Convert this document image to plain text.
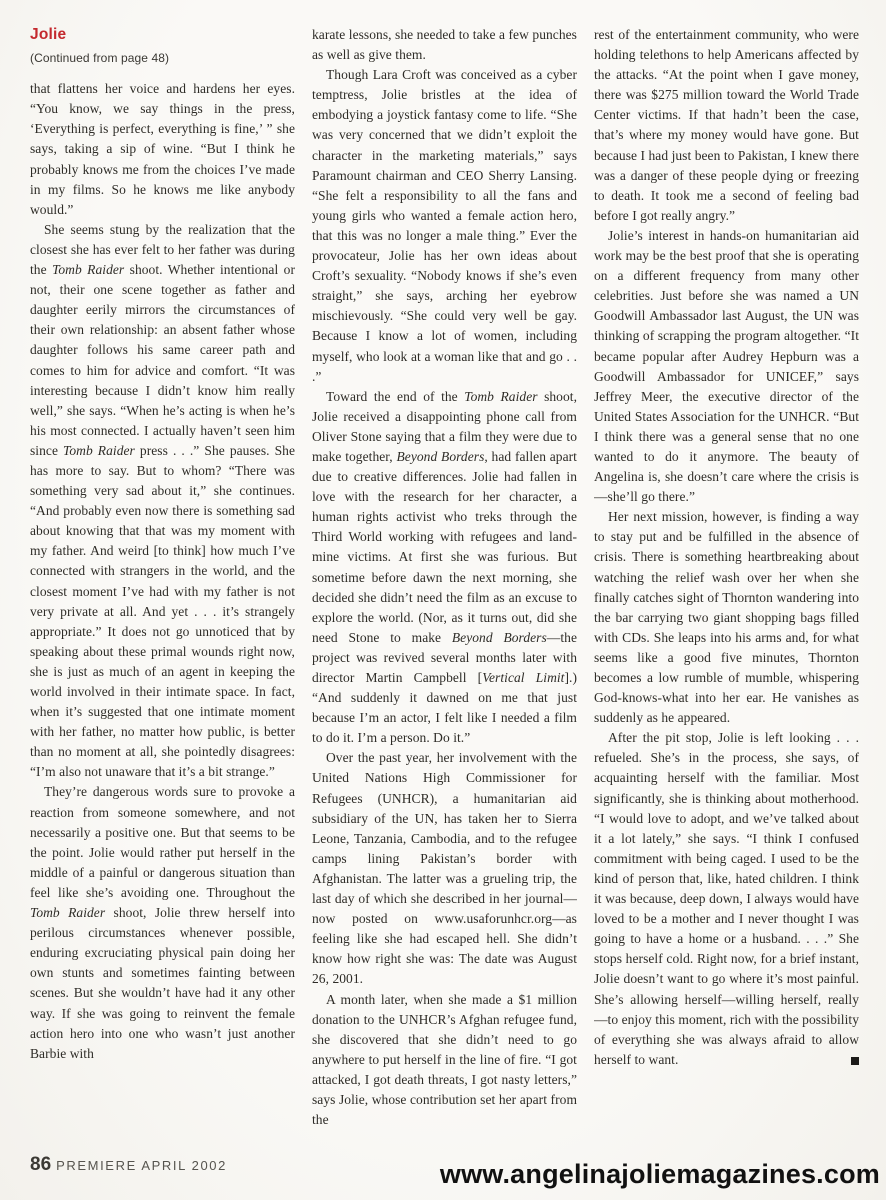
Jolie
(Continued from page 48)

that flattens her voice and hardens her eyes. “You know, we say things in the press, ‘Everything is perfect, everything is fine,’ ” she says, taking a sip of wine. “But I think he probably knows me from the choices I’ve made in my films. So he knows me like anybody would.”

She seems stung by the realization that the closest she has ever felt to her father was during the Tomb Raider shoot. Whether intentional or not, their one scene together as father and daughter eerily mirrors the circumstances of their own relationship: an absent father whose daughter follows his same career path and comes to him for advice and comfort. “It was interesting because I didn’t know him really well,” she says. “When he’s acting is when he’s his most connected. I actually haven’t seen him since Tomb Raider press . . .” She pauses. She has more to say. But to whom? “There was something very sad about it,” she continues. “And probably even now there is something sad about knowing that that was my moment with my father. And weird [to think] how much I’ve connected with strangers in the world, and the closest moment I’ve had with my father is not very private at all. And yet . . . it’s strangely appropriate.” It does not go unnoticed that by speaking about these primal wounds right now, she is just as much of an agent in keeping the world involved in their intimate space. In fact, when it’s suggested that one intimate moment with her father, no matter how public, is better than no moment at all, she pointedly disagrees: “I’m also not unaware that it’s a bit strange.”

They’re dangerous words sure to provoke a reaction from someone somewhere, and not necessarily a positive one. But that seems to be the point. Jolie would rather put herself in the middle of a painful or dangerous situation than feel like she’s avoiding one. Throughout the Tomb Raider shoot, Jolie threw herself into perilous circumstances whenever possible, enduring excruciating physical pain doing her own stunts and sometimes fainting between scenes. But she wouldn’t have had it any other way. If she was going to reinvent the female action hero into one who wasn’t just another Barbie with

karate lessons, she needed to take a few punches as well as give them.

Though Lara Croft was conceived as a cyber temptress, Jolie bristles at the idea of embodying a joystick fantasy come to life. “She was very concerned that we didn’t exploit the character in the marketing materials,” says Paramount chairman and CEO Sherry Lansing. “She felt a responsibility to all the fans and young girls who wanted a female action hero, that this was no longer a male thing.” Ever the provocateur, Jolie has her own ideas about Croft’s sexuality. “Nobody knows if she’s even straight,” she says, arching her eyebrow mischievously. “She could very well be gay. Because I know a lot of women, including myself, who look at a woman like that and go . . .”

Toward the end of the Tomb Raider shoot, Jolie received a disappointing phone call from Oliver Stone saying that a film they were due to make together, Beyond Borders, had fallen apart due to creative differences. Jolie had fallen in love with the research for her character, a human rights activist who treks through the Third World working with refugees and land-mine victims. At first she was furious. But sometime before dawn the next morning, she decided she didn’t need the film as an excuse to explore the world. (Nor, as it turns out, did she need Stone to make Beyond Borders—the project was revived several months later with director Martin Campbell [Vertical Limit].) “And suddenly it dawned on me that just because I’m an actor, I felt like I needed a film to do it. I’m a person. Do it.”

Over the past year, her involvement with the United Nations High Commissioner for Refugees (UNHCR), a humanitarian aid subsidiary of the UN, has taken her to Sierra Leone, Tanzania, Cambodia, and to the refugee camps lining Pakistan’s border with Afghanistan. The latter was a grueling trip, the last day of which she described in her journal—now posted on www.usaforunhcr.org—as feeling like she had escaped hell. She didn’t know how right she was: The date was August 26, 2001.

A month later, when she made a $1 million donation to the UNHCR’s Afghan refugee fund, she discovered that she didn’t need to go anywhere to put herself in the line of fire. “I got attacked, I got death threats, I got nasty letters,” says Jolie, whose contribution set her apart from the

rest of the entertainment community, who were holding telethons to help Americans affected by the attacks. “At the point when I gave money, there was $275 million toward the World Trade Center victims. If that hadn’t been the case, that’s where my money would have gone. But because I had just been to Pakistan, I knew there was a danger of these people dying or freezing to death. It took me a second of feeling bad before I got really angry.”

Jolie’s interest in hands-on humanitarian aid work may be the best proof that she is operating on a different frequency from many other celebrities. Just before she was named a UN Goodwill Ambassador last August, the UN was thinking of scrapping the program altogether. “It became popular after Audrey Hepburn was a Goodwill Ambassador for UNICEF,” says Jeffrey Meer, the executive director of the United States Association for the UNHCR. “But I think there was a general sense that no one wanted to do it anymore. The beauty of Angelina is, she doesn’t care where the crisis is—she’ll go there.”

Her next mission, however, is finding a way to stay put and be fulfilled in the absence of crisis. There is something heartbreaking about watching the relief wash over her when she finally catches sight of Thornton wandering into the bar carrying two giant shopping bags filled with CDs. She leaps into his arms and, for what seems like a good five minutes, Thornton becomes a low rumble of mumble, whispering God-knows-what into her ear. He vanishes as suddenly as he appeared.

After the pit stop, Jolie is left looking . . . refueled. She’s in the process, she says, of acquainting herself with the familiar. Most significantly, she is thinking about motherhood. “I would love to adopt, and we’ve talked about it a lot lately,” she says. “I think I confused commitment with being caged. I used to be the kind of person that, like, hated children. I think it was because, deep down, I always would have loved to be a mother and I never thought I was going to have a home or a husband. . . .” She stops herself cold. Right now, for a brief instant, Jolie doesn’t want to go where it’s most painful. She’s allowing herself—willing herself, really—to enjoy this moment, rich with the possibility of everything she was always afraid to allow herself to want.

86 PREMIERE APRIL 2002	www.angelinajoliemagazines.com
